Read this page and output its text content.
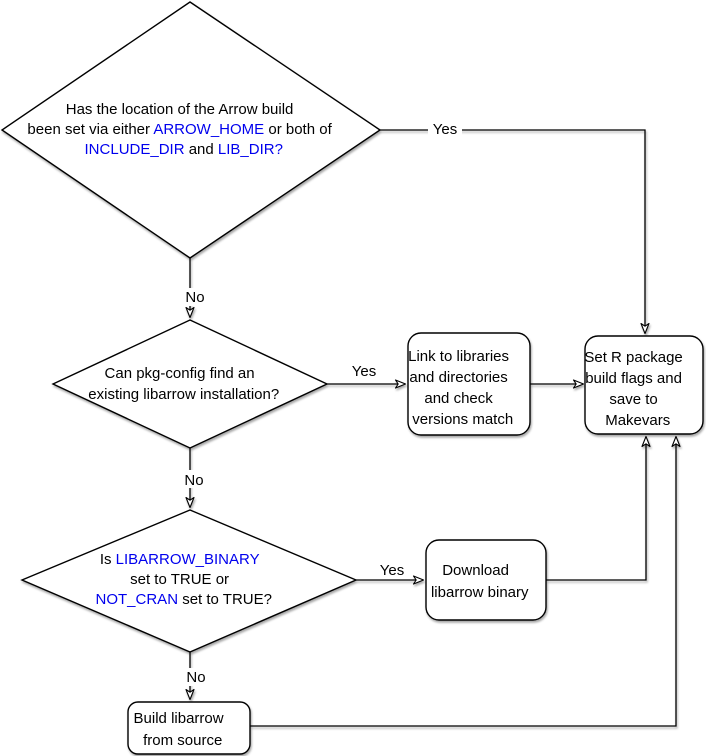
Has the location of the Arrow build been set via either ARROW_HOME or both of INCLUDE_DIR and LIB_DIR?
Can pkg-config find an existing libarrow installation?
Is LIBARROW_BINARY set to TRUE or NOT_CRAN set to TRUE?
Link to libraries and directories and check versions match
Set R package build flags and save to Makevars
Download libarrow binary
Build libarrow from source
Yes
No
Yes
No
Yes
No
